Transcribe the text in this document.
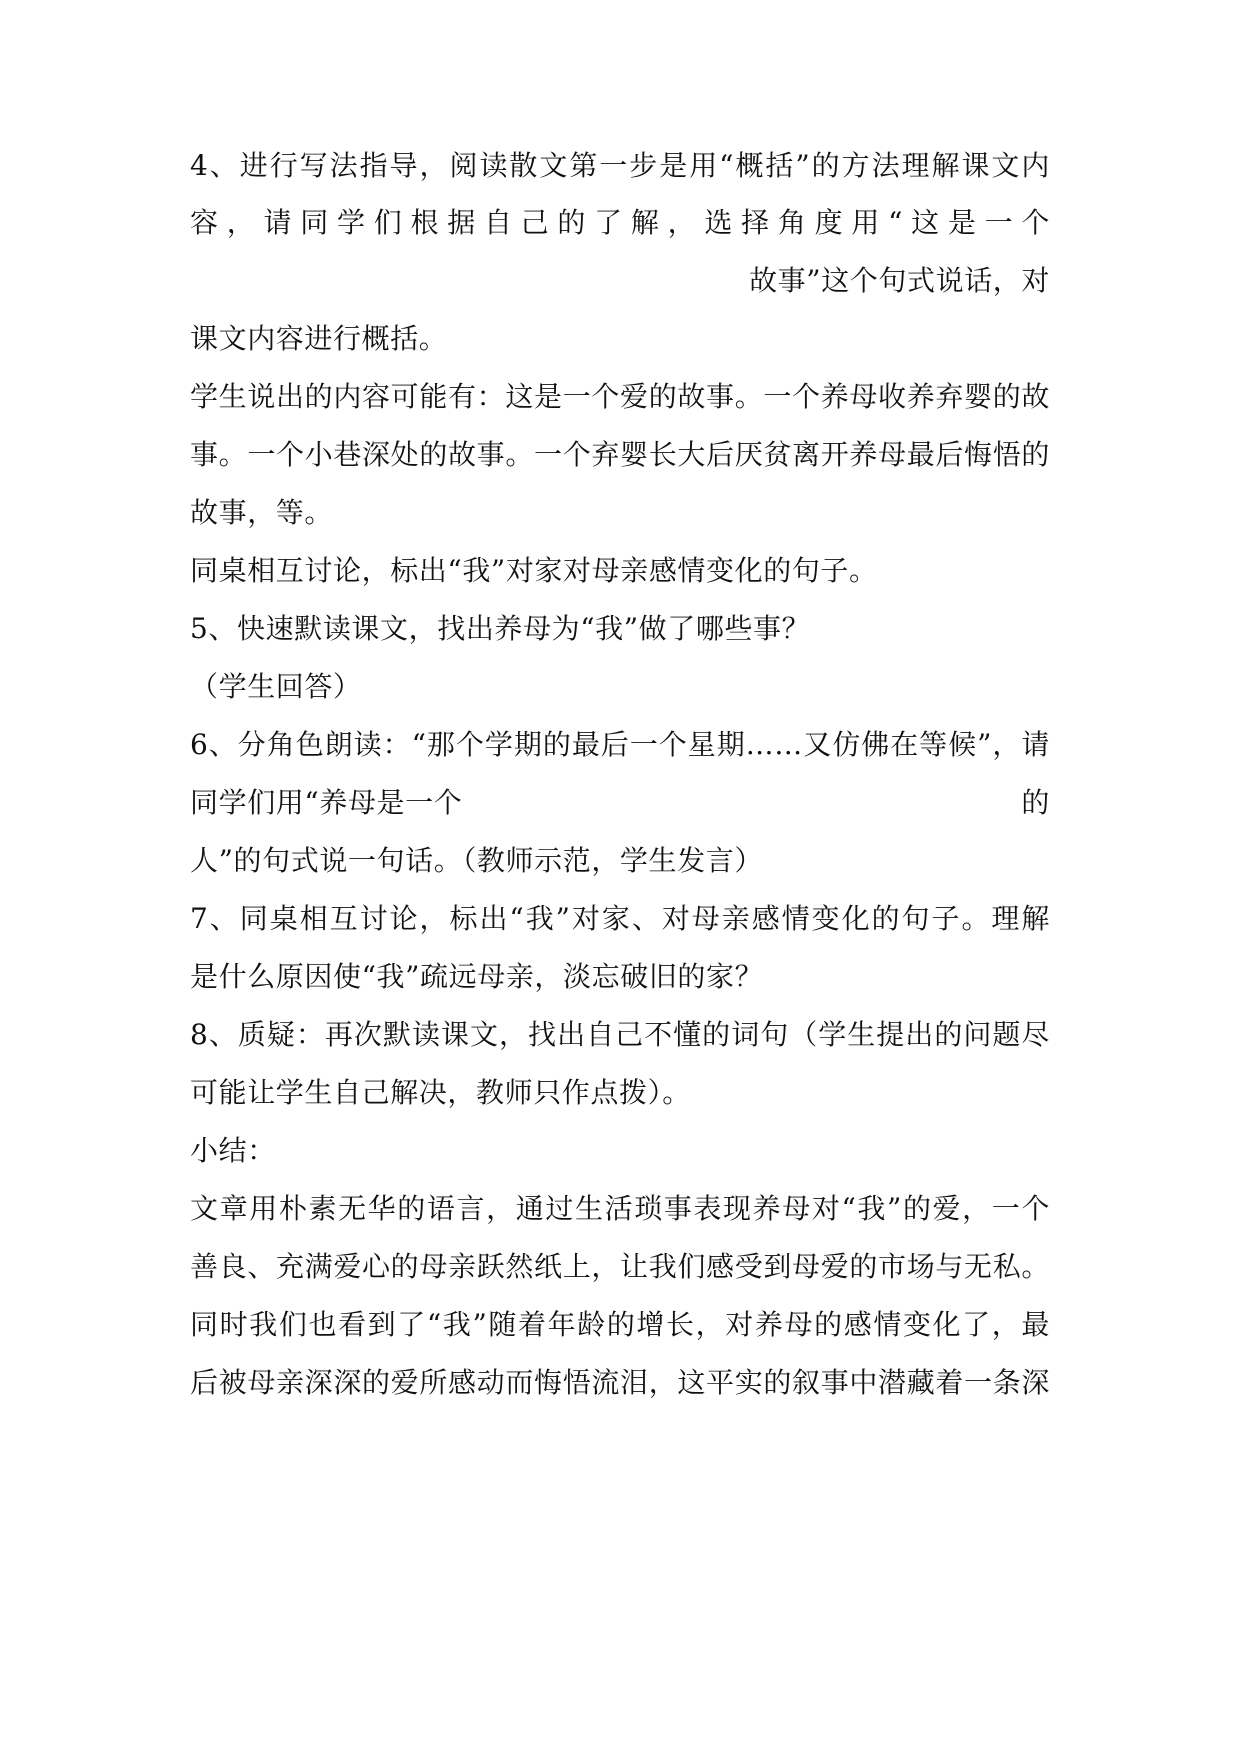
4、进行写法指导，阅读散文第一步是用“概括”的方法理解课文内
容，请同学们根据自己的了解，选择角度用“这是一个
故事”这个句式说话，对
课文内容进行概括。
学生说出的内容可能有：这是一个爱的故事。一个养母收养弃婴的故
事。一个小巷深处的故事。一个弃婴长大后厌贫离开养母最后悔悟的
故事，等。
同桌相互讨论，标出“我”对家对母亲感情变化的句子。
5、快速默读课文，找出养母为“我”做了哪些事？
（学生回答）
6、分角色朗读：“那个学期的最后一个星期……又仿佛在等候”，请
同学们用“养母是一个	的
人”的句式说一句话。（教师示范，学生发言）
7、同桌相互讨论，标出“我”对家、对母亲感情变化的句子。理解
是什么原因使“我”疏远母亲，淡忘破旧的家？
8、质疑：再次默读课文，找出自己不懂的词句（学生提出的问题尽
可能让学生自己解决，教师只作点拨）。
小结：
文章用朴素无华的语言，通过生活琐事表现养母对“我”的爱，一个
善良、充满爱心的母亲跃然纸上，让我们感受到母爱的市场与无私。
同时我们也看到了“我”随着年龄的增长，对养母的感情变化了，最
后被母亲深深的爱所感动而悔悟流泪，这平实的叙事中潜藏着一条深
